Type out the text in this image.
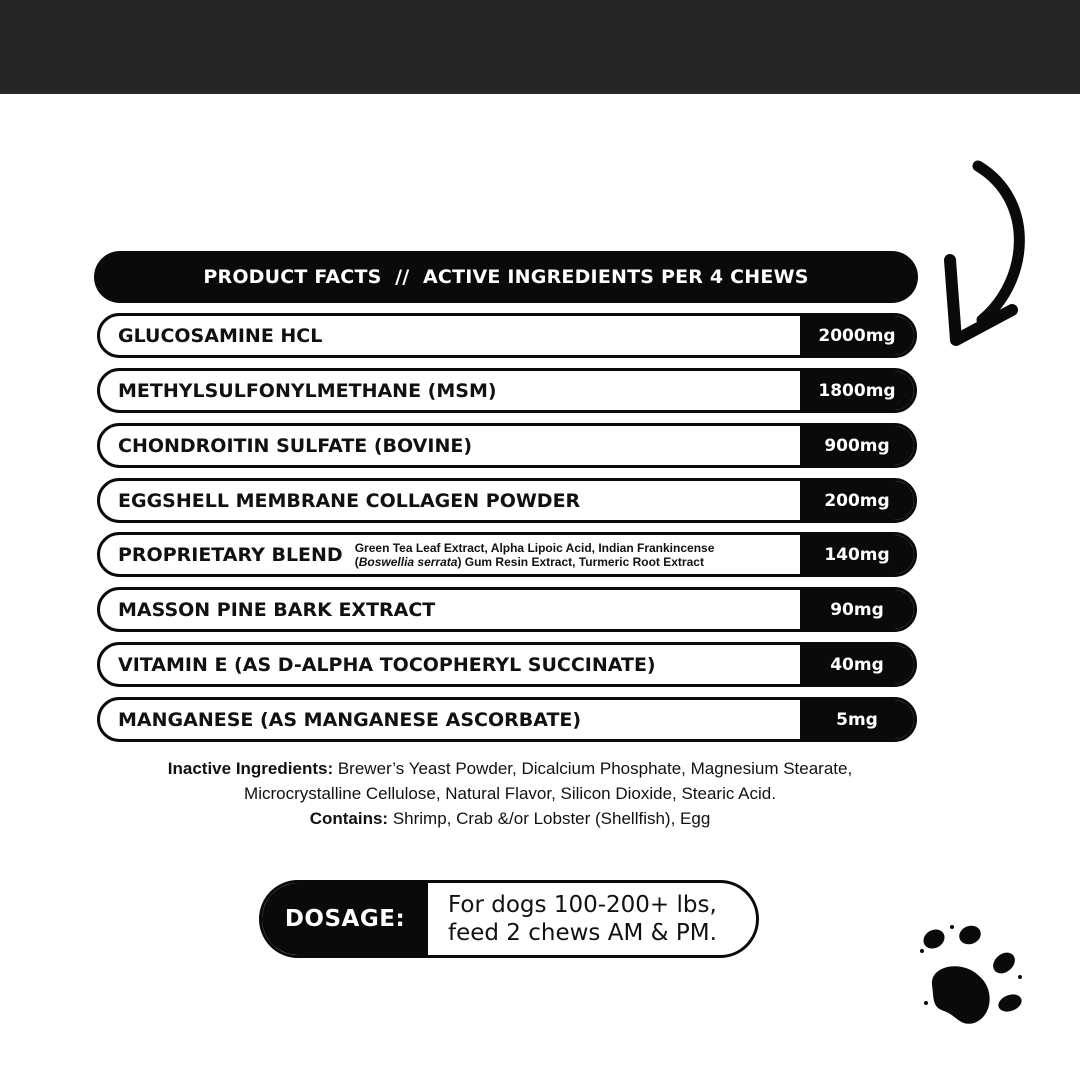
PRODUCT FACTS  //  ACTIVE INGREDIENTS PER 4 CHEWS
GLUCOSAMINE HCL	2000mg
METHYLSULFONYLMETHANE (MSM)	1800mg
CHONDROITIN SULFATE (BOVINE)	900mg
EGGSHELL MEMBRANE COLLAGEN POWDER	200mg
PROPRIETARY BLEND Green Tea Leaf Extract, Alpha Lipoic Acid, Indian Frankincense
(Boswellia serrata) Gum Resin Extract, Turmeric Root Extract	140mg
MASSON PINE BARK EXTRACT	90mg
VITAMIN E (AS D-ALPHA TOCOPHERYL SUCCINATE)	40mg
MANGANESE (AS MANGANESE ASCORBATE)	5mg
Inactive Ingredients: Brewer’s Yeast Powder, Dicalcium Phosphate, Magnesium Stearate,
Microcrystalline Cellulose, Natural Flavor, Silicon Dioxide, Stearic Acid.
Contains: Shrimp, Crab &/or Lobster (Shellfish), Egg
DOSAGE:
For dogs 100-200+ lbs,
feed 2 chews AM & PM.
